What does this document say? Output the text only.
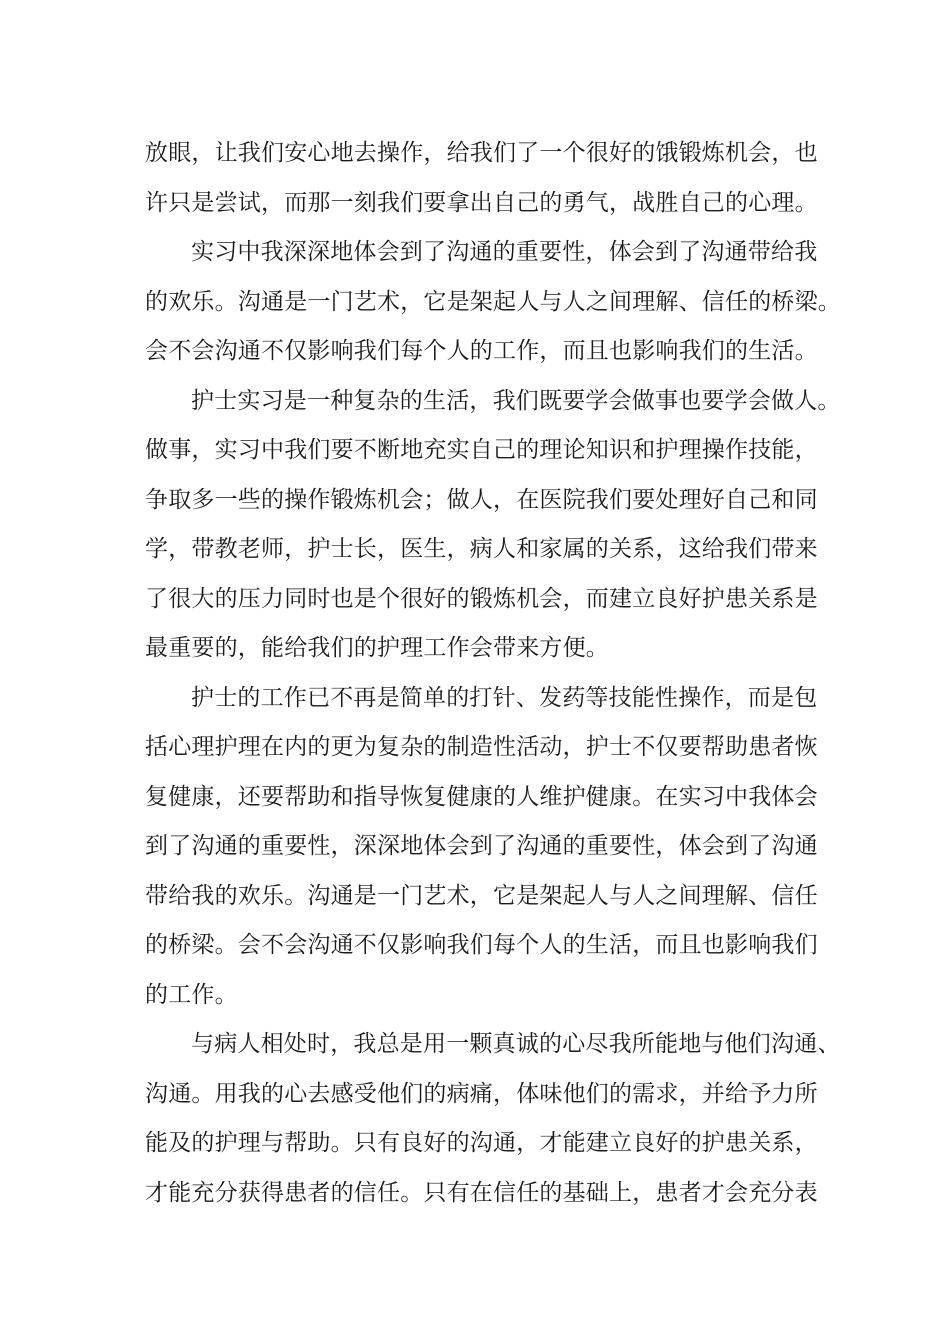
放眼，让我们安心地去操作，给我们了一个很好的饿锻炼机会，也
许只是尝试，而那一刻我们要拿出自己的勇气，战胜自己的心理。

实习中我深深地体会到了沟通的重要性，体会到了沟通带给我
的欢乐。沟通是一门艺术，它是架起人与人之间理解、信任的桥梁。
会不会沟通不仅影响我们每个人的工作，而且也影响我们的生活。

护士实习是一种复杂的生活，我们既要学会做事也要学会做人。
做事，实习中我们要不断地充实自己的理论知识和护理操作技能，
争取多一些的操作锻炼机会；做人，在医院我们要处理好自己和同
学，带教老师，护士长，医生，病人和家属的关系，这给我们带来
了很大的压力同时也是个很好的锻炼机会，而建立良好护患关系是
最重要的，能给我们的护理工作会带来方便。

护士的工作已不再是简单的打针、发药等技能性操作，而是包
括心理护理在内的更为复杂的制造性活动，护士不仅要帮助患者恢
复健康，还要帮助和指导恢复健康的人维护健康。在实习中我体会
到了沟通的重要性，深深地体会到了沟通的重要性，体会到了沟通
带给我的欢乐。沟通是一门艺术，它是架起人与人之间理解、信任
的桥梁。会不会沟通不仅影响我们每个人的生活，而且也影响我们
的工作。

与病人相处时，我总是用一颗真诚的心尽我所能地与他们沟通、
沟通。用我的心去感受他们的病痛，体味他们的需求，并给予力所
能及的护理与帮助。只有良好的沟通，才能建立良好的护患关系，
才能充分获得患者的信任。只有在信任的基础上，患者才会充分表
